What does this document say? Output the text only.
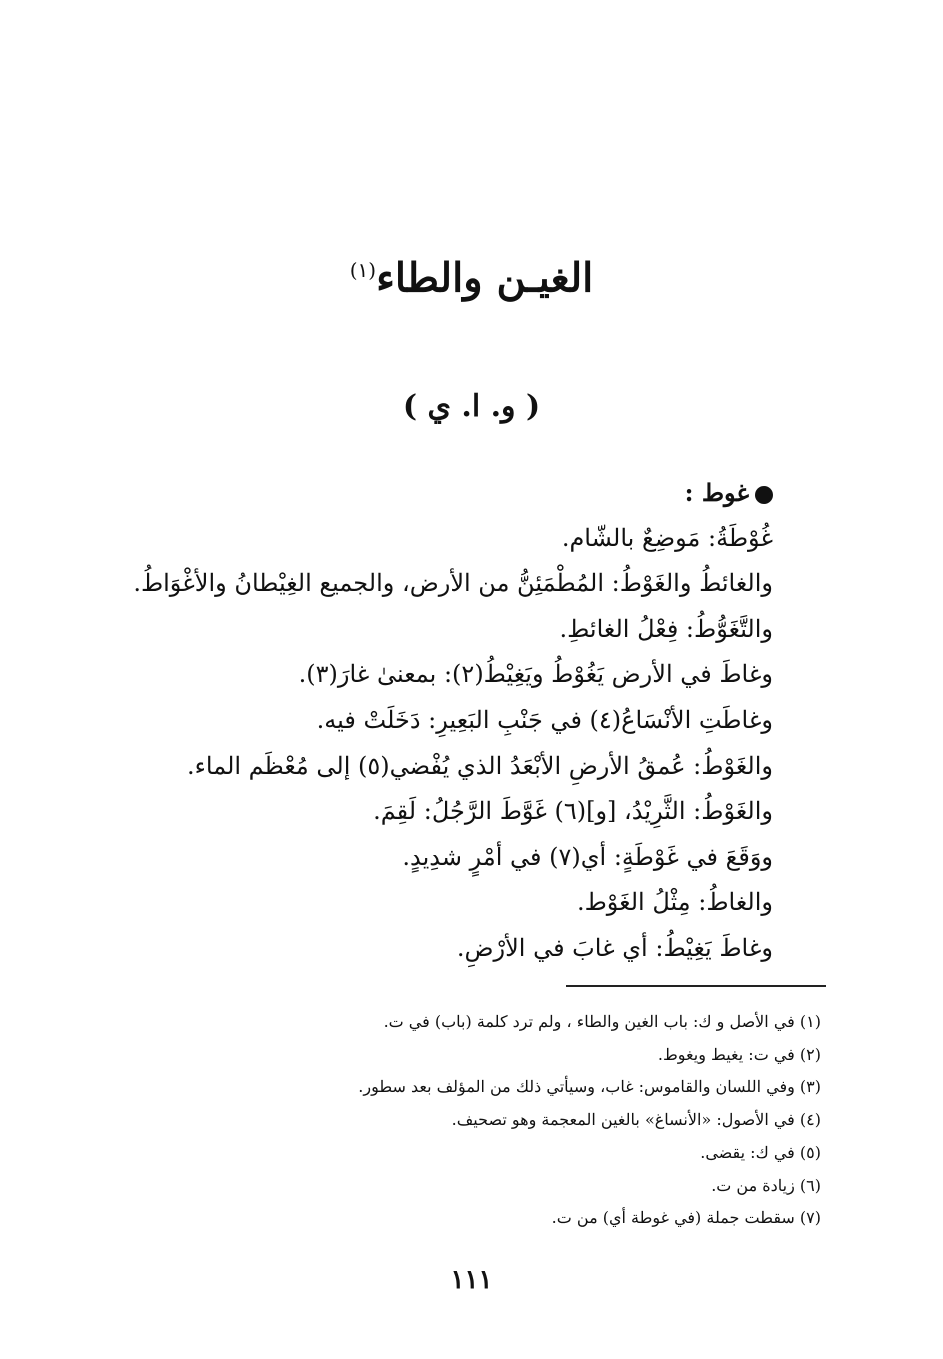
الغيـن والطاء$^{(١)}$
( و. ا. ي )
غوط :
غُوْطَةُ: مَوضِعٌ بالشّام.
والغائطُ والغَوْطُ: المُطْمَئِنُّ من الأرض، والجميع الغِيْطانُ والأغْوَاطُ.
والتَّغَوُّطُ: فِعْلُ الغائطِ.
وغاطَ في الأرض يَغُوْطُ ويَغِيْطُ(٢): بمعنىٰ غارَ(٣).
وغاطَتِ الأنْسَاعُ(٤) في جَنْبِ البَعِيرِ: دَخَلَتْ فيه.
والغَوْطُ: عُمقُ الأرضِ الأبْعَدُ الذي يُفْضي(٥) إلى مُعْظَم الماء.
والغَوْطُ: الثَّرِيْدُ، [و](٦) غَوَّطَ الرَّجُلُ: لَقِمَ.
ووَقَعَ في غَوْطَةٍ: أي(٧) في أمْرٍ شدِيدٍ.
والغاطُ: مِثْلُ الغَوْط.
وغاطَ يَغِيْطُ: أي غابَ في الأرْضِ.
(١) في الأصل و ك: باب الغين والطاء ، ولم ترد كلمة (باب) في ت.
(٢) في ت: يغيط ويغوط.
(٣) وفي اللسان والقاموس: غاب، وسيأتي ذلك من المؤلف بعد سطور.
(٤) في الأصول: «الأنساغ» بالغين المعجمة وهو تصحيف.
(٥) في ك: يقضى.
(٦) زيادة من ت.
(٧) سقطت جملة (في غوطة أي) من ت.
١١١
